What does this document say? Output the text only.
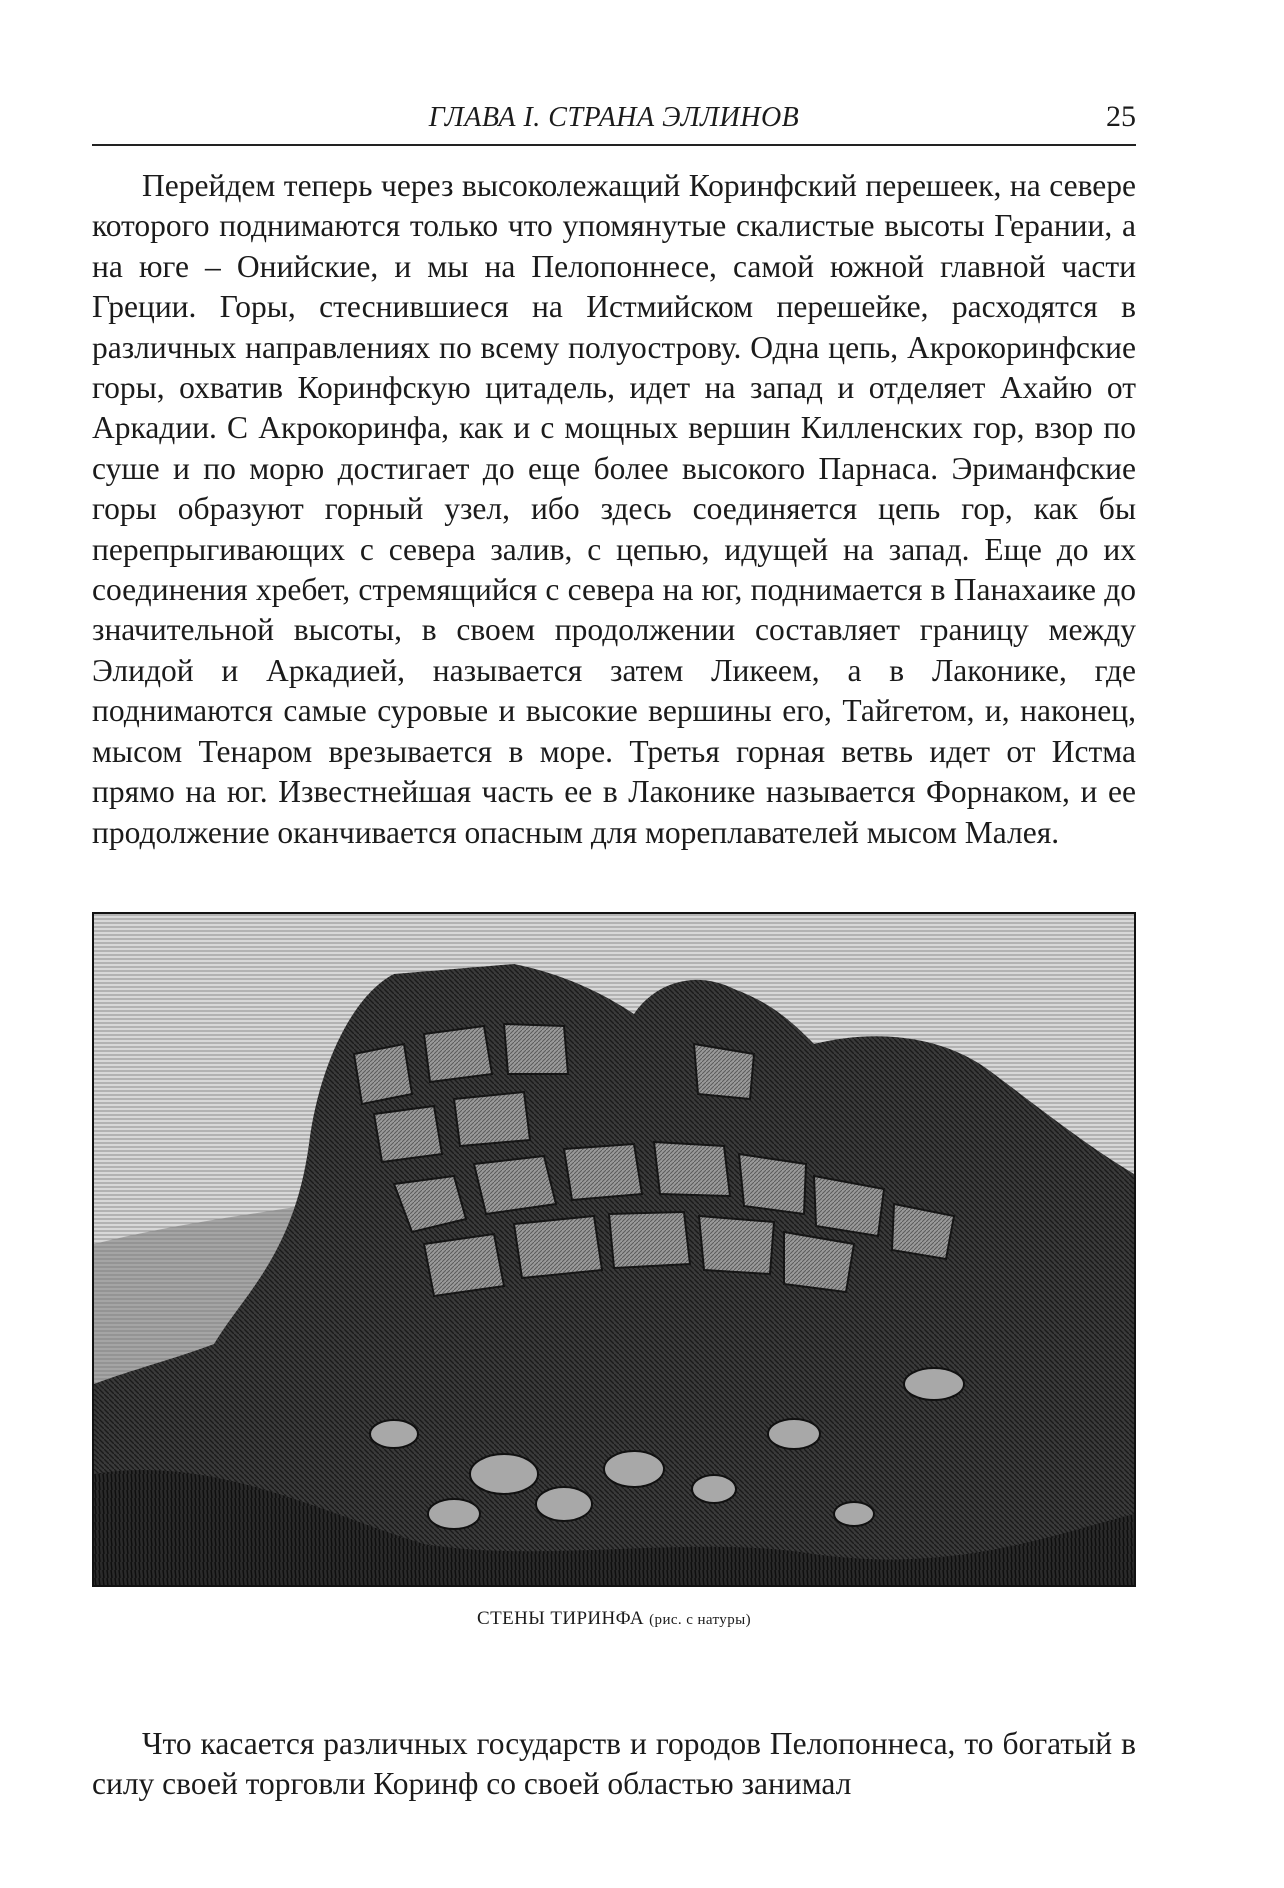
ГЛАВА I. СТРАНА ЭЛЛИНОВ	25

Перейдем теперь через высоколежащий Коринфский перешеек, на севере которого поднимаются только что упомянутые скалистые высоты Герании, а на юге – Онийские, и мы на Пелопоннесе, самой южной главной части Греции. Горы, стеснившиеся на Истмийском перешейке, расходятся в различных направлениях по всему полуострову. Одна цепь, Акрокоринфские горы, охватив Коринфскую цитадель, идет на запад и отделяет Ахайю от Аркадии. С Акрокоринфа, как и с мощных вершин Килленских гор, взор по суше и по морю достигает до еще более высокого Парнаса. Эриманфские горы образуют горный узел, ибо здесь соединяется цепь гор, как бы перепрыгивающих с севера залив, с цепью, идущей на запад. Еще до их соединения хребет, стремящийся с севера на юг, поднимается в Панахаике до значительной высоты, в своем продолжении составляет границу между Элидой и Аркадией, называется затем Ликеем, а в Лаконике, где поднимаются самые суровые и высокие вершины его, Тайгетом, и, наконец, мысом Тенаром врезывается в море. Третья горная ветвь идет от Истма прямо на юг. Известнейшая часть ее в Лаконике называется Форнаком, и ее продолжение оканчивается опасным для мореплавателей мысом Малея.

СТЕНЫ ТИРИНФА (рис. с натуры)

Что касается различных государств и городов Пелопоннеса, то богатый в силу своей торговли Коринф со своей областью занимал
